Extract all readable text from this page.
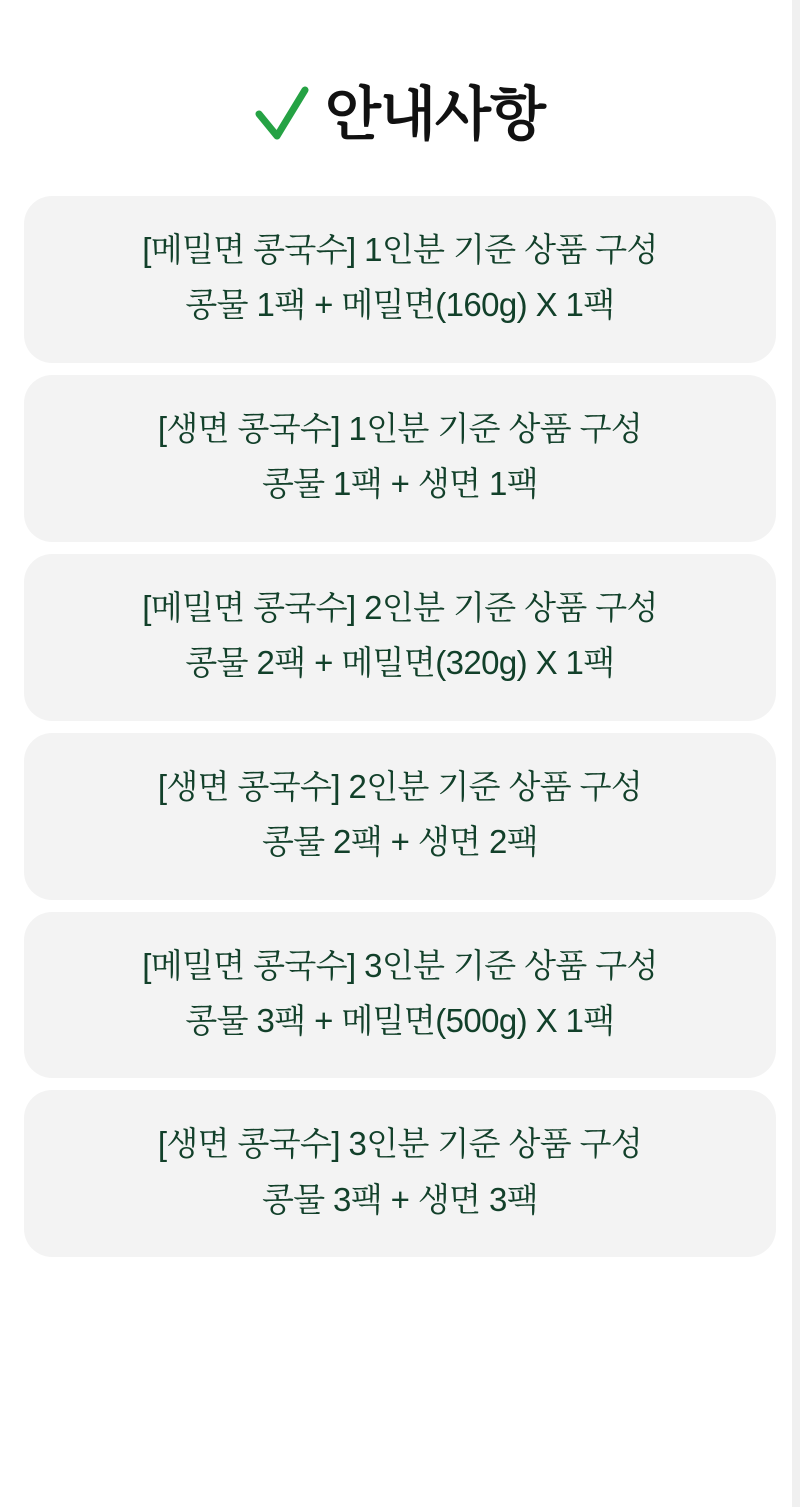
안내사항
[메밀면 콩국수] 1인분 기준 상품 구성
콩물 1팩 + 메밀면(160g) X 1팩
[생면 콩국수] 1인분 기준 상품 구성
콩물 1팩 + 생면 1팩
[메밀면 콩국수] 2인분 기준 상품 구성
콩물 2팩 + 메밀면(320g) X 1팩
[생면 콩국수] 2인분 기준 상품 구성
콩물 2팩 + 생면 2팩
[메밀면 콩국수] 3인분 기준 상품 구성
콩물 3팩 + 메밀면(500g) X 1팩
[생면 콩국수] 3인분 기준 상품 구성
콩물 3팩 + 생면 3팩
